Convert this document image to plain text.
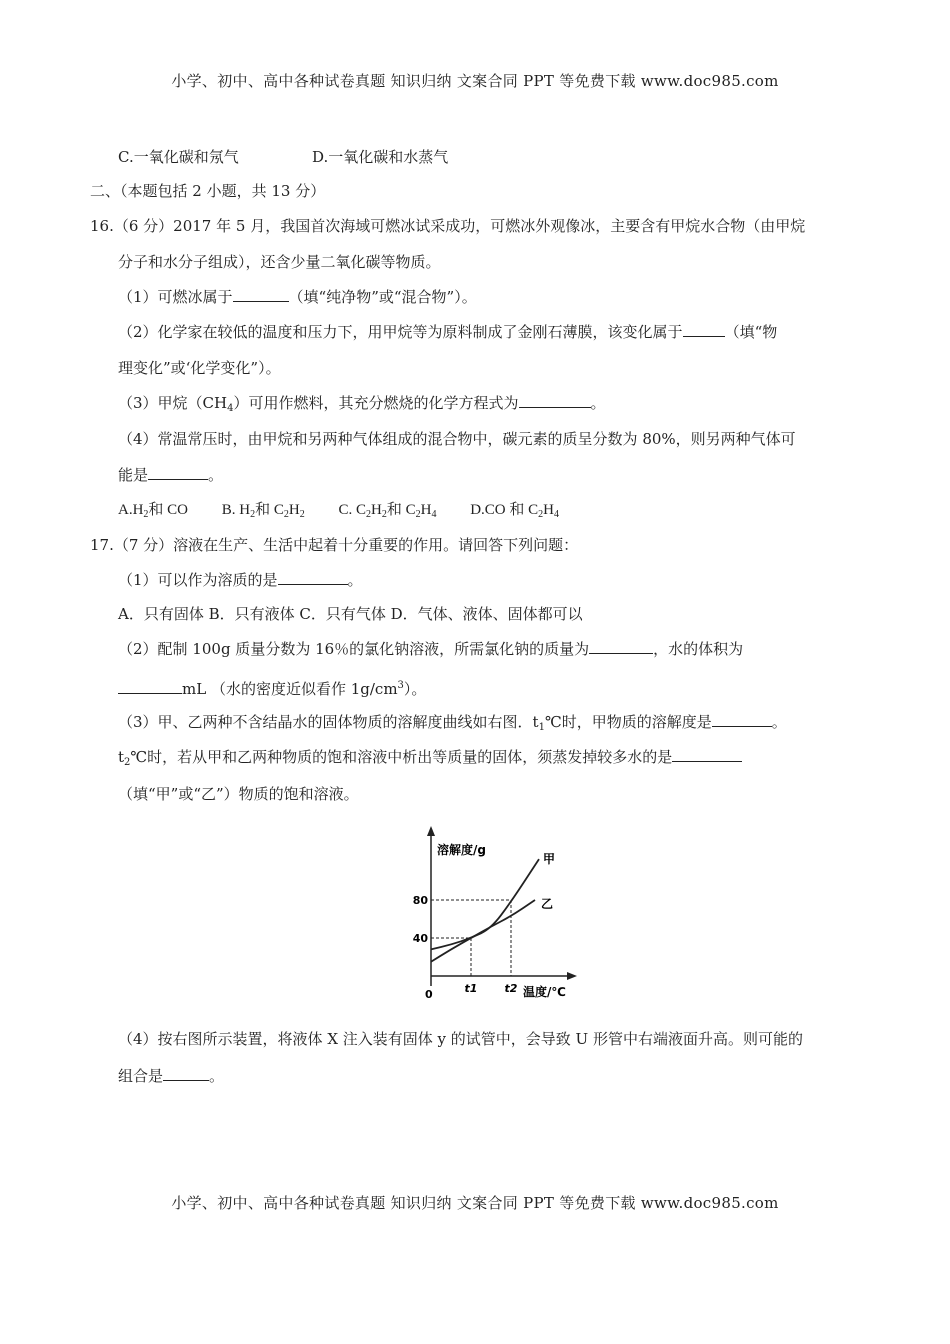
小学、初中、高中各种试卷真题 知识归纳 文案合同 PPT 等免费下载 www.doc985.com
C.一氧化碳和氖气	D.一氧化碳和水蒸气
二、（本题包括 2 小题，共 13 分）
16.（6 分）2017 年 5 月，我国首次海域可燃冰试采成功，可燃冰外观像冰，主要含有甲烷水合物（由甲烷
分子和水分子组成），还含少量二氧化碳等物质。
（1）可燃冰属于	（填“纯净物”或“混合物”）。
（2）化学家在较低的温度和压力下，用甲烷等为原料制成了金刚石薄膜，该变化属于	（填“物
理变化”或‘化学变化”）。
（3）甲烷$(CH_4)$可用作燃料，其充分燃烧的化学方程式为	。
（4）常温常压时，由甲烷和另两种气体组成的混合物中，碳元素的质呈分数为 80%，则另两种气体可
能是	。
$A.H_2$和 CO B. $H_2$和 $C_2H_2$ C. $C_2H_2$和 $C_2H_4$ D.CO 和 $C_2H_4$
17.（7 分）溶液在生产、生活中起着十分重要的作用。请回答下列问题：
（1）可以作为溶质的是	。
A．只有固体 B．只有液体 C．只有气体 D．气体、液体、固体都可以
（2）配制 100g 质量分数为 16％的氯化钠溶液，所需氯化钠的质量为	，水的体积为
mL （水的密度近似看作 $1g/cm^3$）。
（3）甲、乙两种不含结晶水的固体物质的溶解度曲线如右图．$t_1℃$时，甲物质的溶解度是	。
$t_2℃$时，若从甲和乙两种物质的饱和溶液中析出等质量的固体，须蒸发掉较多水的是
（填“甲”或“乙”）物质的饱和溶液。
溶解度/g
温度/℃
0
40
80
t1 t2
甲
乙
（4）按右图所示装置，将液体 X 注入装有固体 y 的试管中，会导致 U 形管中右端液面升高。则可能的
组合是	。
小学、初中、高中各种试卷真题 知识归纳 文案合同 PPT 等免费下载 www.doc985.com
